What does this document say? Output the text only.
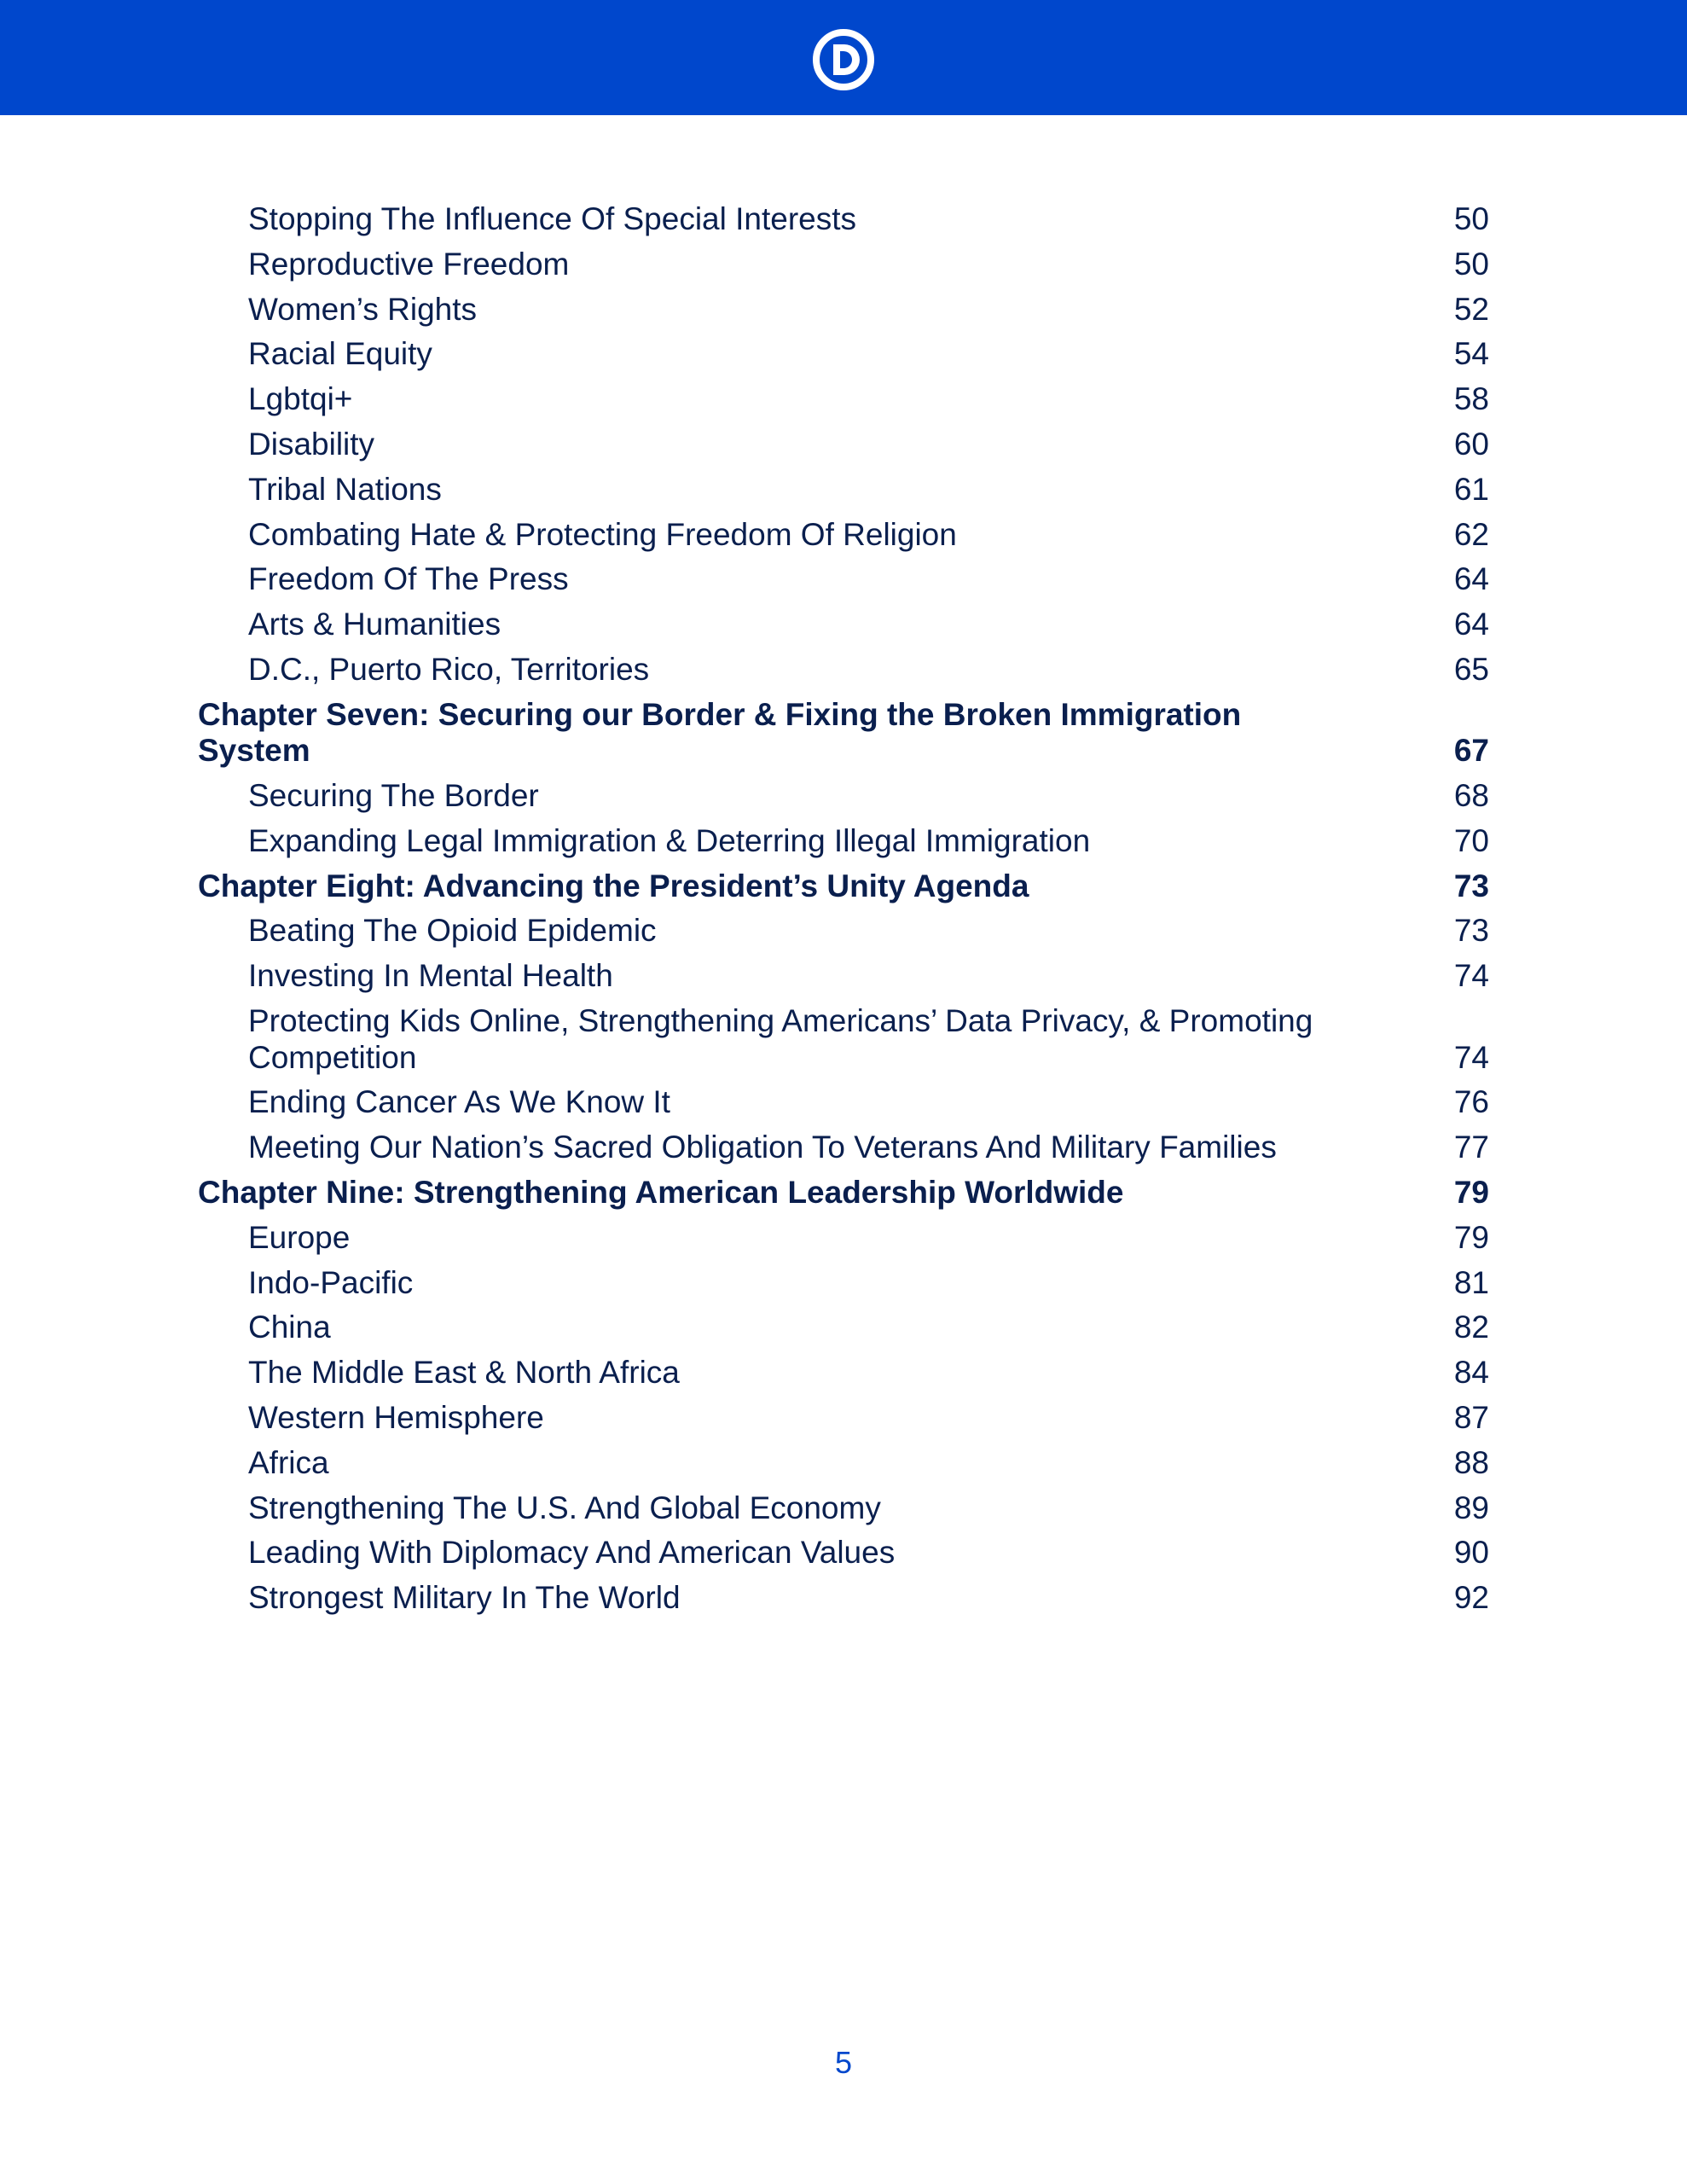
Stopping The Influence Of Special Interests	50
Reproductive Freedom	50
Women’s Rights	52
Racial Equity	54
Lgbtqi+	58
Disability	60
Tribal Nations	61
Combating Hate & Protecting Freedom Of Religion	62
Freedom Of The Press	64
Arts & Humanities	64
D.C., Puerto Rico, Territories	65
Chapter Seven: Securing our Border & Fixing the Broken Immigration System	67
Securing The Border	68
Expanding Legal Immigration & Deterring Illegal Immigration	70
Chapter Eight: Advancing the President’s Unity Agenda	73
Beating The Opioid Epidemic	73
Investing In Mental Health	74
Protecting Kids Online, Strengthening Americans’ Data Privacy, & Promoting Competition	74
Ending Cancer As We Know It	76
Meeting Our Nation’s Sacred Obligation To Veterans And Military Families	77
Chapter Nine: Strengthening American Leadership Worldwide	79
Europe	79
Indo-Pacific	81
China	82
The Middle East & North Africa	84
Western Hemisphere	87
Africa	88
Strengthening The U.S. And Global Economy	89
Leading With Diplomacy And American Values	90
Strongest Military In The World	92
5
